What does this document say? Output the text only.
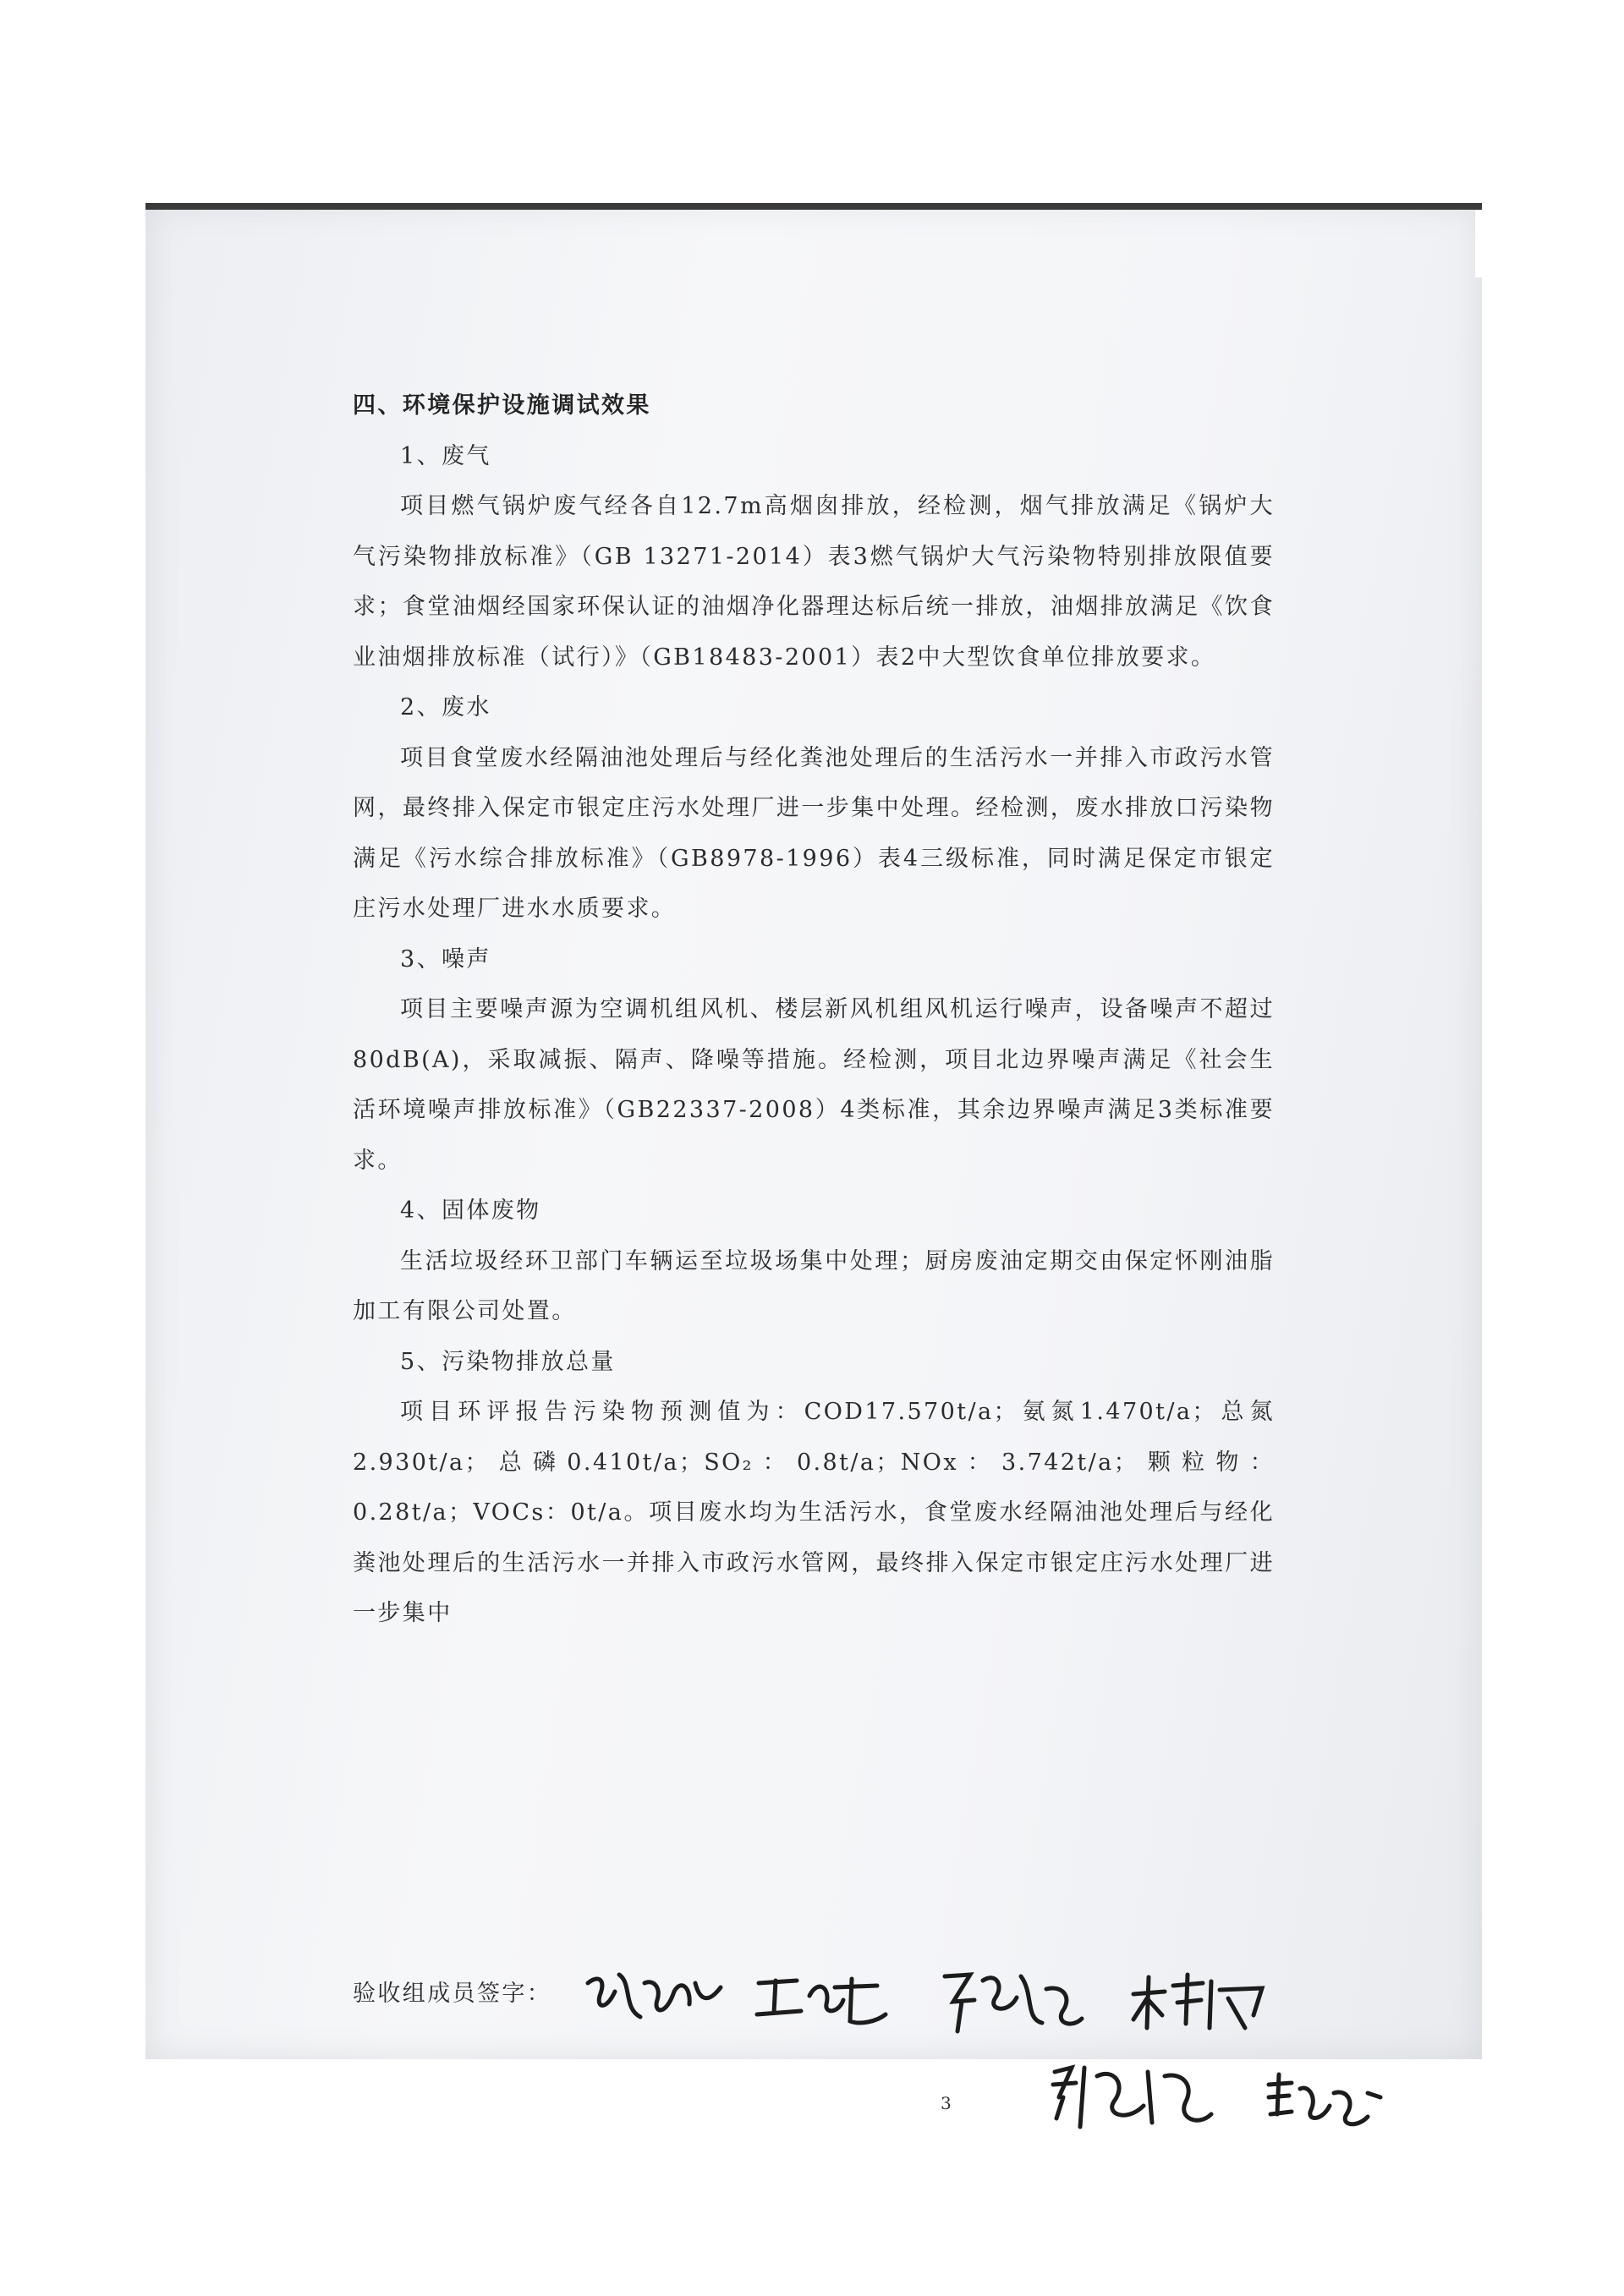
四、环境保护设施调试效果

1、废气

项目燃气锅炉废气经各自12.7m高烟囱排放，经检测，烟气排放满足《锅炉大气污染物排放标准》（GB 13271-2014）表3燃气锅炉大气污染物特别排放限值要求；食堂油烟经国家环保认证的油烟净化器理达标后统一排放，油烟排放满足《饮食业油烟排放标准（试行）》（GB18483-2001）表2中大型饮食单位排放要求。

2、废水

项目食堂废水经隔油池处理后与经化粪池处理后的生活污水一并排入市政污水管网，最终排入保定市银定庄污水处理厂进一步集中处理。经检测，废水排放口污染物满足《污水综合排放标准》（GB8978-1996）表4三级标准，同时满足保定市银定庄污水处理厂进水水质要求。

3、噪声

项目主要噪声源为空调机组风机、楼层新风机组风机运行噪声，设备噪声不超过80dB(A)，采取减振、隔声、降噪等措施。经检测，项目北边界噪声满足《社会生活环境噪声排放标准》（GB22337-2008）4类标准，其余边界噪声满足3类标准要求。

4、固体废物

生活垃圾经环卫部门车辆运至垃圾场集中处理；厨房废油定期交由保定怀刚油脂加工有限公司处置。

5、污染物排放总量

项目环评报告污染物预测值为：COD17.570t/a；氨氮1.470t/a；总氮2.930t/a；总磷0.410t/a；SO₂：0.8t/a；NOx：3.742t/a；颗粒物：0.28t/a；VOCs：0t/a。项目废水均为生活污水，食堂废水经隔油池处理后与经化粪池处理后的生活污水一并排入市政污水管网，最终排入保定市银定庄污水处理厂进一步集中

验收组成员签字：
3
